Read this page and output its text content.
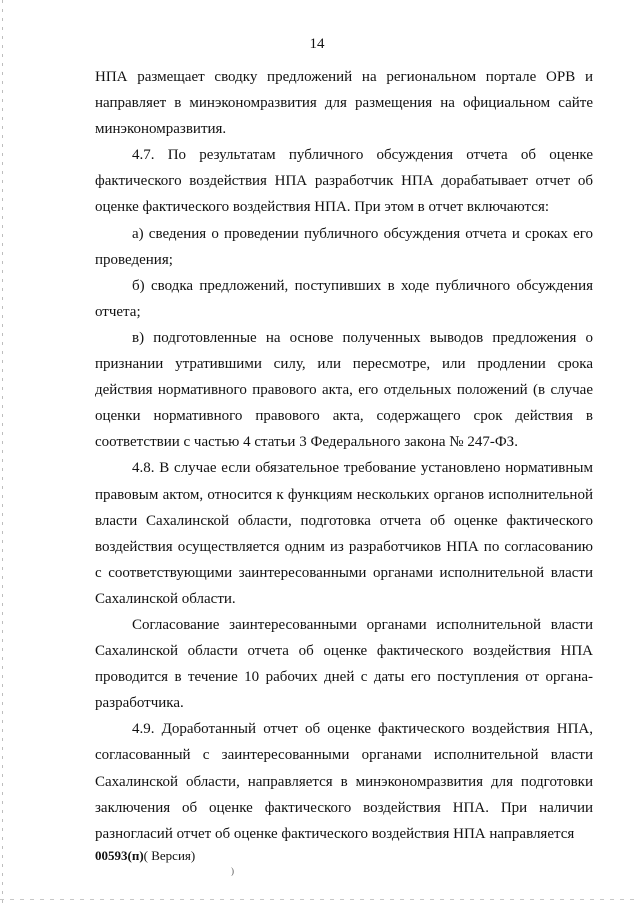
14

НПА размещает сводку предложений на региональном портале ОРВ и направляет в минэкономразвития для размещения на официальном сайте минэкономразвития.

4.7. По результатам публичного обсуждения отчета об оценке фактического воздействия НПА разработчик НПА дорабатывает отчет об оценке фактического воздействия НПА. При этом в отчет включаются:

а) сведения о проведении публичного обсуждения отчета и сроках его проведения;

б) сводка предложений, поступивших в ходе публичного обсуждения отчета;

в) подготовленные на основе полученных выводов предложения о признании утратившими силу, или пересмотре, или продлении срока действия нормативного правового акта, его отдельных положений (в случае оценки нормативного правового акта, содержащего срок действия в соответствии с частью 4 статьи 3 Федерального закона № 247-ФЗ.

4.8. В случае если обязательное требование установлено нормативным правовым актом, относится к функциям нескольких органов исполнительной власти Сахалинской области, подготовка отчета об оценке фактического воздействия осуществляется одним из разработчиков НПА по согласованию с соответствующими заинтересованными органами исполнительной власти Сахалинской области.

Согласование заинтересованными органами исполнительной власти Сахалинской области отчета об оценке фактического воздействия НПА проводится в течение 10 рабочих дней с даты его поступления от органа-разработчика.

4.9. Доработанный отчет об оценке фактического воздействия НПА, согласованный с заинтересованными органами исполнительной власти Сахалинской области, направляется в минэкономразвития для подготовки заключения об оценке фактического воздействия НПА. При наличии разногласий отчет об оценке фактического воздействия НПА направляется

00593(п)( Версия)
)
